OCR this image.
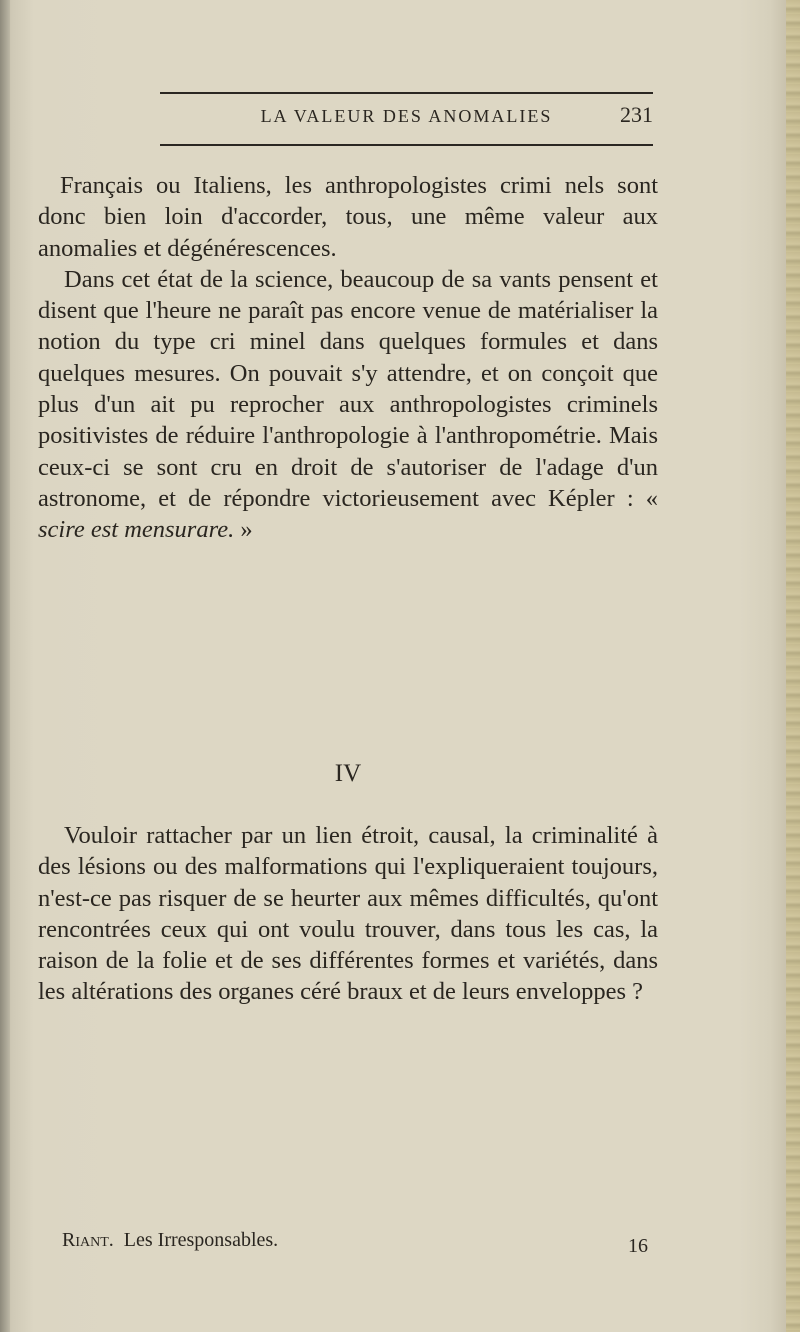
LA VALEUR DES ANOMALIES	231

Français ou Italiens, les anthropologistes crimi nels sont donc bien loin d'accorder, tous, une même valeur aux anomalies et dégénérescences.

Dans cet état de la science, beaucoup de sa vants pensent et disent que l'heure ne paraît pas encore venue de matérialiser la notion du type cri minel dans quelques formules et dans quelques mesures. On pouvait s'y attendre, et on conçoit que plus d'un ait pu reprocher aux anthropologistes criminels positivistes de réduire l'anthropologie à l'anthropométrie. Mais ceux-ci se sont cru en droit de s'autoriser de l'adage d'un astronome, et de répondre victorieusement avec Képler : « scire est mensurare. »

IV

Vouloir rattacher par un lien étroit, causal, la criminalité à des lésions ou des malformations qui l'expliqueraient toujours, n'est-ce pas risquer de se heurter aux mêmes difficultés, qu'ont rencontrées ceux qui ont voulu trouver, dans tous les cas, la raison de la folie et de ses différentes formes et variétés, dans les altérations des organes céré braux et de leurs enveloppes ?

Riant. Les Irresponsables.	16
